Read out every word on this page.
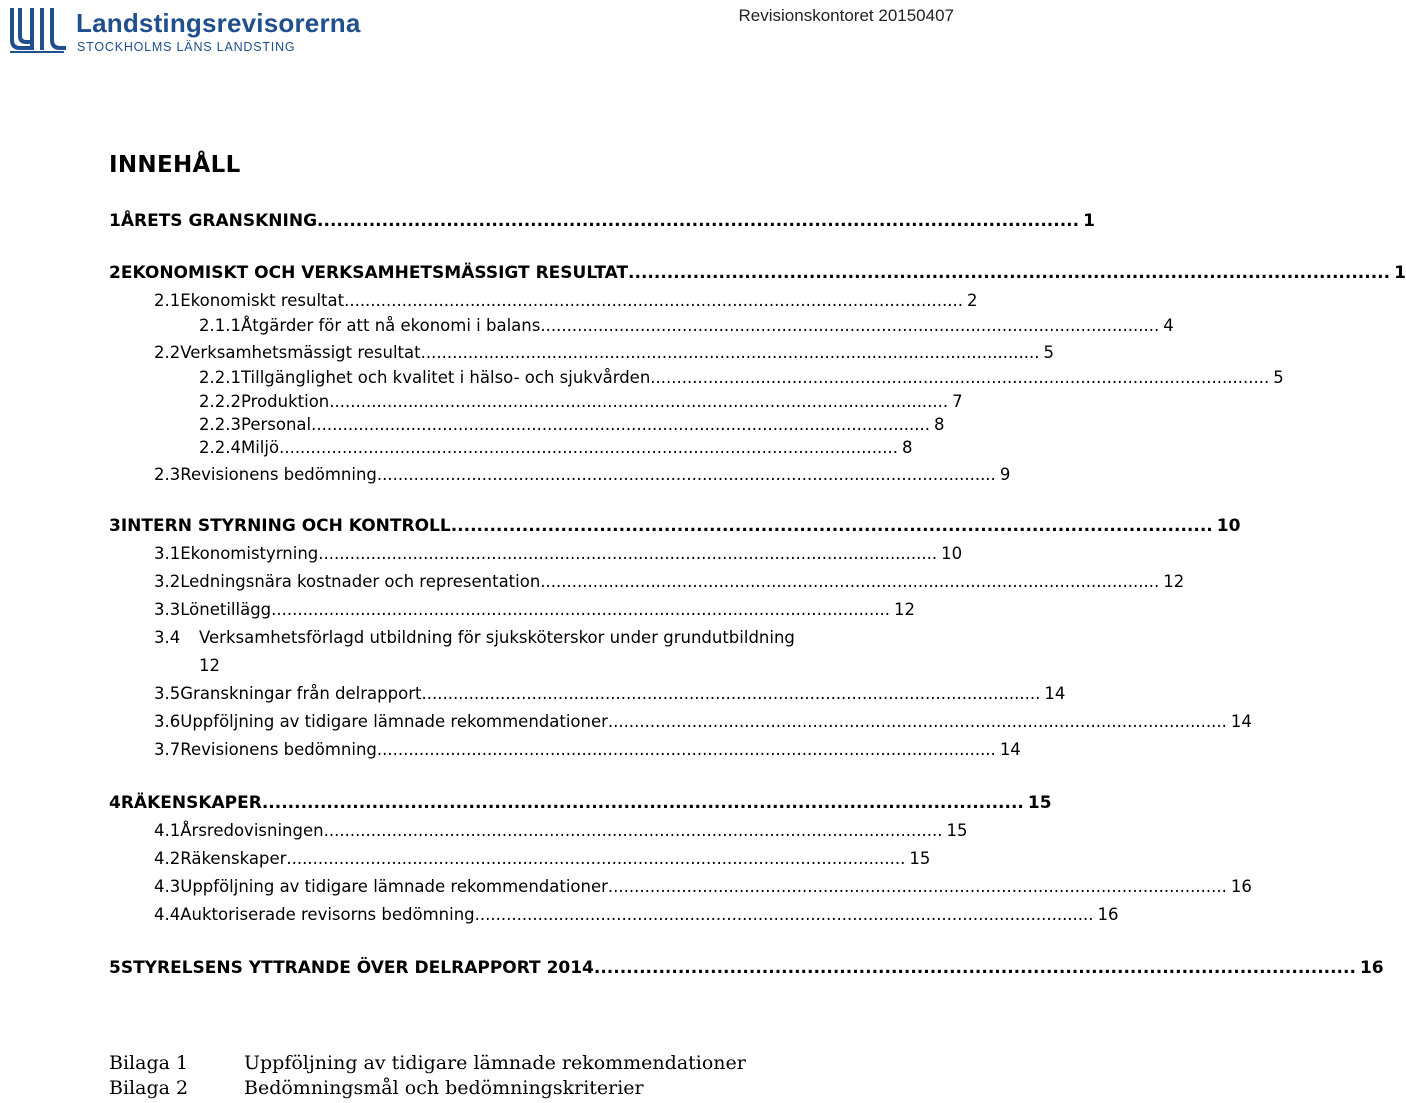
Landstingsrevisorerna
STOCKHOLMS LÄNS LANDSTING
Revisionskontoret 20150407
INNEHÅLL
1 ÅRETS GRANSKNING ...................................................................................................................... 1
2 EKONOMISKT OCH VERKSAMHETSMÄSSIGT RESULTAT ...................................................................................................................... 1
2.1 Ekonomiskt resultat ...................................................................................................................... 2
2.1.1 Åtgärder för att nå ekonomi i balans ...................................................................................................................... 4
2.2 Verksamhetsmässigt resultat ...................................................................................................................... 5
2.2.1 Tillgänglighet och kvalitet i hälso- och sjukvården ...................................................................................................................... 5
2.2.2 Produktion ...................................................................................................................... 7
2.2.3 Personal ...................................................................................................................... 8
2.2.4 Miljö ...................................................................................................................... 8
2.3 Revisionens bedömning ...................................................................................................................... 9
3 INTERN STYRNING OCH KONTROLL ...................................................................................................................... 10
3.1 Ekonomistyrning ...................................................................................................................... 10
3.2 Ledningsnära kostnader och representation ...................................................................................................................... 12
3.3 Lönetillägg ...................................................................................................................... 12
3.4 Verksamhetsförlagd utbildning för sjuksköterskor under grundutbildning
12
3.5 Granskningar från delrapport ...................................................................................................................... 14
3.6 Uppföljning av tidigare lämnade rekommendationer ...................................................................................................................... 14
3.7 Revisionens bedömning ...................................................................................................................... 14
4 RÄKENSKAPER ...................................................................................................................... 15
4.1 Årsredovisningen ...................................................................................................................... 15
4.2 Räkenskaper ...................................................................................................................... 15
4.3 Uppföljning av tidigare lämnade rekommendationer ...................................................................................................................... 16
4.4 Auktoriserade revisorns bedömning ...................................................................................................................... 16
5 STYRELSENS YTTRANDE ÖVER DELRAPPORT 2014 ...................................................................................................................... 16
Bilaga 1	Uppföljning av tidigare lämnade rekommendationer
Bilaga 2	Bedömningsmål och bedömningskriterier
